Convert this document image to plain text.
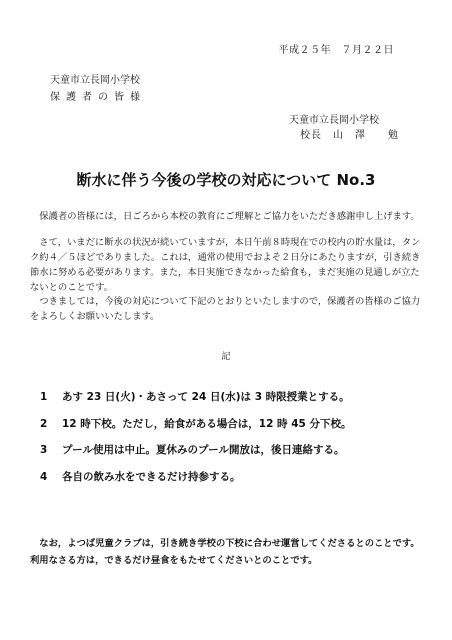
平成２５年　７月２２日
天童市立長岡小学校
保護者の皆様
天童市立長岡小学校
校長　山　澤　　勉
断水に伴う今後の学校の対応について No.3
　保護者の皆様には，日ごろから本校の教育にご理解とご協力をいただき感謝申し上げます。
　さて，いまだに断水の状況が続いていますが，本日午前８時現在での校内の貯水量は，タンク約４／５ほどでありました。これは，通常の使用でおよそ２日分にあたりますが，引き続き節水に努める必要があります。また，本日実施できなかった給食も，まだ実施の見通しが立たないとのことです。
　つきましては，今後の対応について下記のとおりといたしますので，保護者の皆様のご協力をよろしくお願いいたします。
記
1	あす 23 日(火)・あさって 24 日(水)は 3 時限授業とする。
2	12 時下校。ただし，給食がある場合は，12 時 45 分下校。
3	プール使用は中止。夏休みのプール開放は，後日連絡する。
4	各自の飲み水をできるだけ持参する。
　なお，よつば児童クラブは，引き続き学校の下校に合わせ運営してくださるとのことです。利用なさる方は，できるだけ昼食をもたせてくださいとのことです。
